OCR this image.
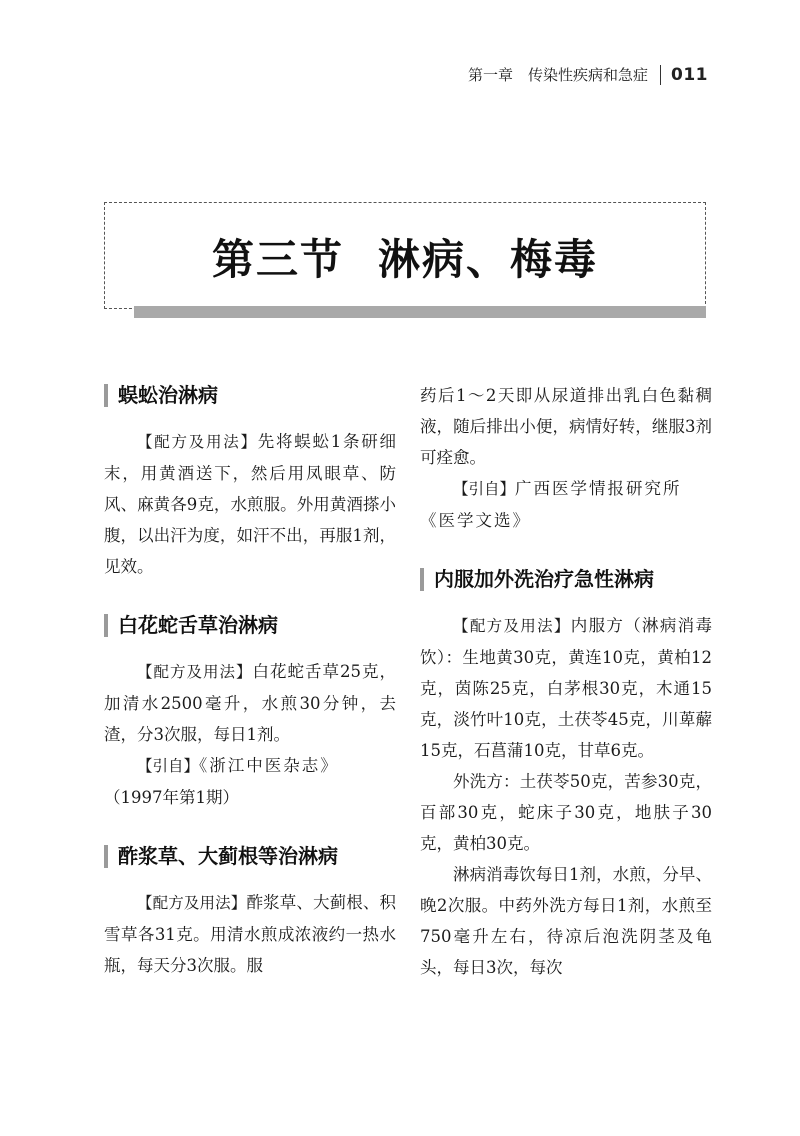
第一章　传染性疾病和急症 011
第三节 淋病、梅毒
蜈蚣治淋病

【配方及用法】先将蜈蚣1条研细末，用黄酒送下，然后用凤眼草、防风、麻黄各9克，水煎服。外用黄酒搽小腹，以出汗为度，如汗不出，再服1剂，见效。

白花蛇舌草治淋病

【配方及用法】白花蛇舌草25克，加清水2500毫升，水煎30分钟，去渣，分3次服，每日1剂。

【引自】《浙江中医杂志》

（1997年第1期）

酢浆草、大蓟根等治淋病

【配方及用法】酢浆草、大蓟根、积雪草各31克。用清水煎成浓液约一热水瓶，每天分3次服。服

药后1～2天即从尿道排出乳白色黏稠液，随后排出小便，病情好转，继服3剂可痊愈。

【引自】广西医学情报研究所

《医学文选》

内服加外洗治疗急性淋病

【配方及用法】内服方（淋病消毒饮）：生地黄30克，黄连10克，黄柏12克，茵陈25克，白茅根30克，木通15克，淡竹叶10克，土茯苓45克，川萆薢15克，石菖蒲10克，甘草6克。

外洗方：土茯苓50克，苦参30克，百部30克，蛇床子30克，地肤子30克，黄柏30克。

淋病消毒饮每日1剂，水煎，分早、晚2次服。中药外洗方每日1剂，水煎至750毫升左右，待凉后泡洗阴茎及龟头，每日3次，每次
